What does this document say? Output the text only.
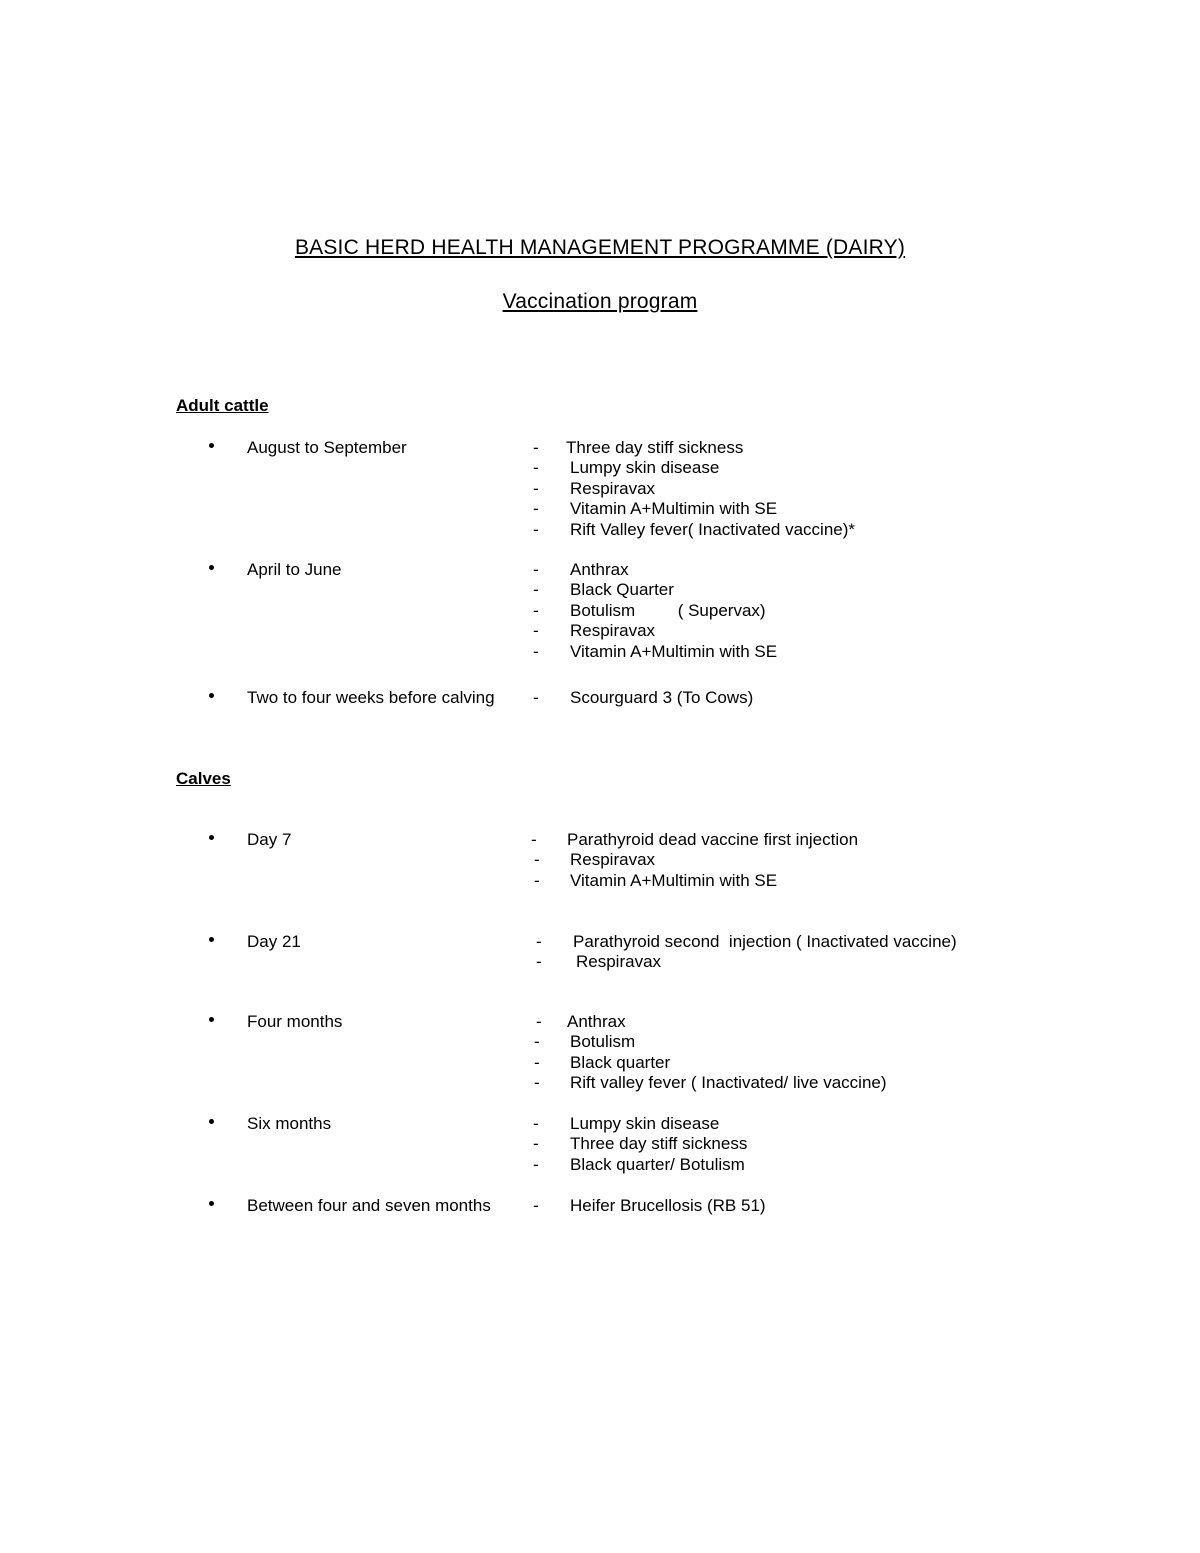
BASIC HERD HEALTH MANAGEMENT PROGRAMME (DAIRY)
Vaccination program
Adult cattle
August to September	- Three day stiff sickness
- Lumpy skin disease
- Respiravax
- Vitamin A+Multimin with SE
- Rift Valley fever( Inactivated vaccine)*
April to June	- Anthrax
- Black Quarter
- Botulism         ( Supervax)
- Respiravax
- Vitamin A+Multimin with SE
Two to four weeks before calving - Scourguard 3 (To Cows)
Calves
Day 7	- Parathyroid dead vaccine first injection
- Respiravax
- Vitamin A+Multimin with SE
Day 21	- Parathyroid second  injection ( Inactivated vaccine)
- Respiravax
Four months	- Anthrax
- Botulism
- Black quarter
- Rift valley fever ( Inactivated/ live vaccine)
Six months	- Lumpy skin disease
- Three day stiff sickness
- Black quarter/ Botulism
Between four and seven months - Heifer Brucellosis (RB 51)
